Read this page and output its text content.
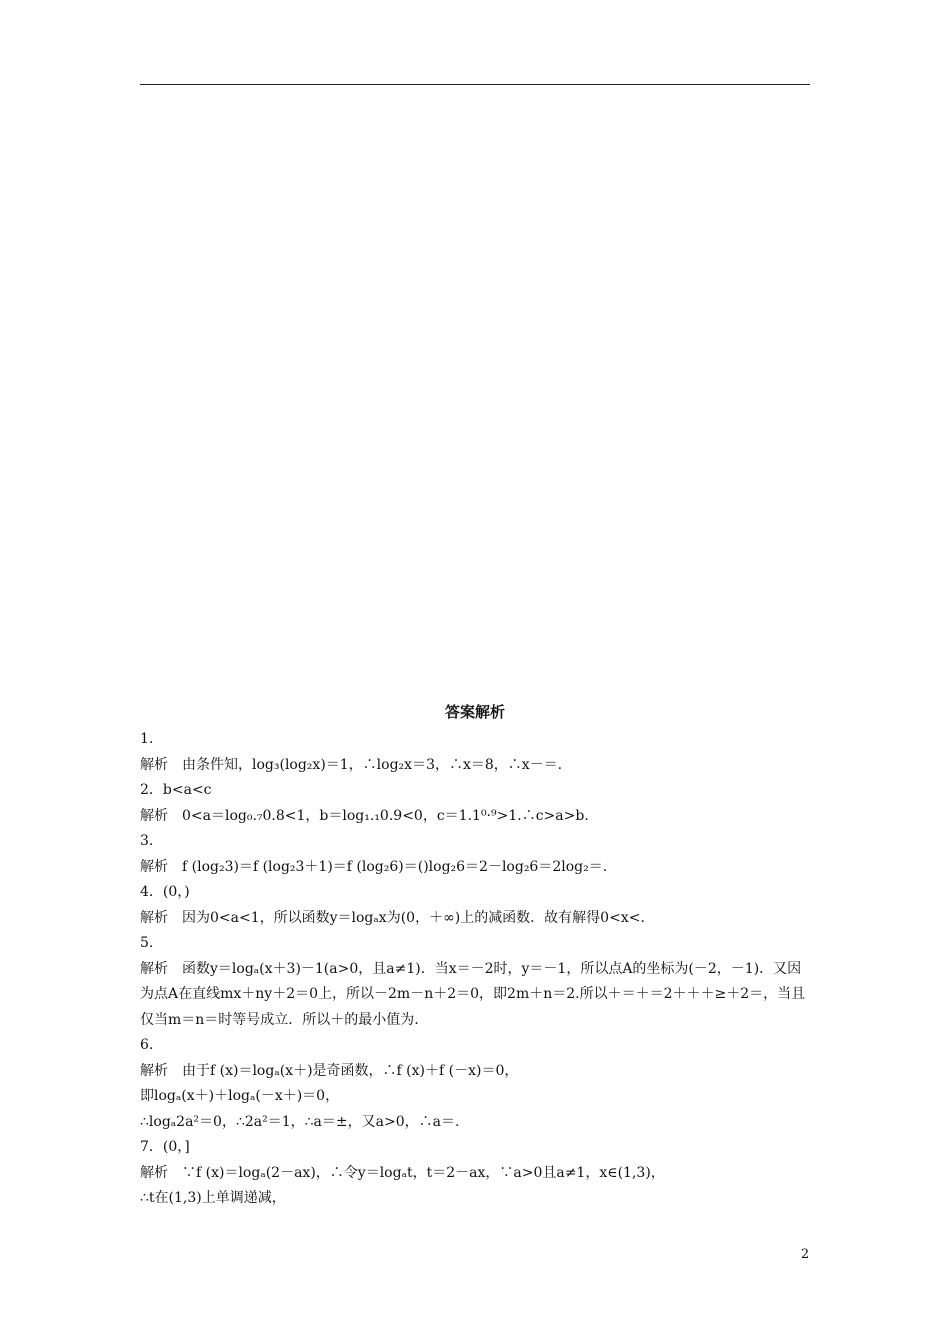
答案解析
1.
解析　由条件知，log₃(log₂x)＝1，∴log₂x＝3，∴x＝8，∴x－＝.
2．b<a<c
解析　0<a＝log₀.₇0.8<1，b＝log₁.₁0.9<0，c＝1.1⁰·⁹>1.∴c>a>b.
3.
解析　f (log₂3)＝f (log₂3＋1)＝f (log₂6)＝()log₂6＝2－log₂6＝2log₂＝.
4．(0，)
解析　因为0<a<1，所以函数y＝logₐx为(0，＋∞)上的减函数．故有解得0<x<.
5.
解析　函数y＝logₐ(x＋3)－1(a>0，且a≠1)．当x＝－2时，y＝－1，所以点A的坐标为(－2，－1)．又因为点A在直线mx＋ny＋2＝0上，所以－2m－n＋2＝0，即2m＋n＝2.所以＋＝＋＝2＋＋＋≥＋2＝，当且仅当m＝n＝时等号成立．所以＋的最小值为.
6.
解析　由于f (x)＝logₐ(x＋)是奇函数，∴f (x)＋f (－x)＝0，
即logₐ(x＋)＋logₐ(－x＋)＝0，
∴logₐ2a²＝0，∴2a²＝1，∴a＝±，又a>0，∴a＝.
7．(0，]
解析　∵f (x)＝logₐ(2－ax)，∴令y＝logₐt，t＝2－ax，∵a>0且a≠1，x∈(1,3)，
∴t在(1,3)上单调递减，
2
